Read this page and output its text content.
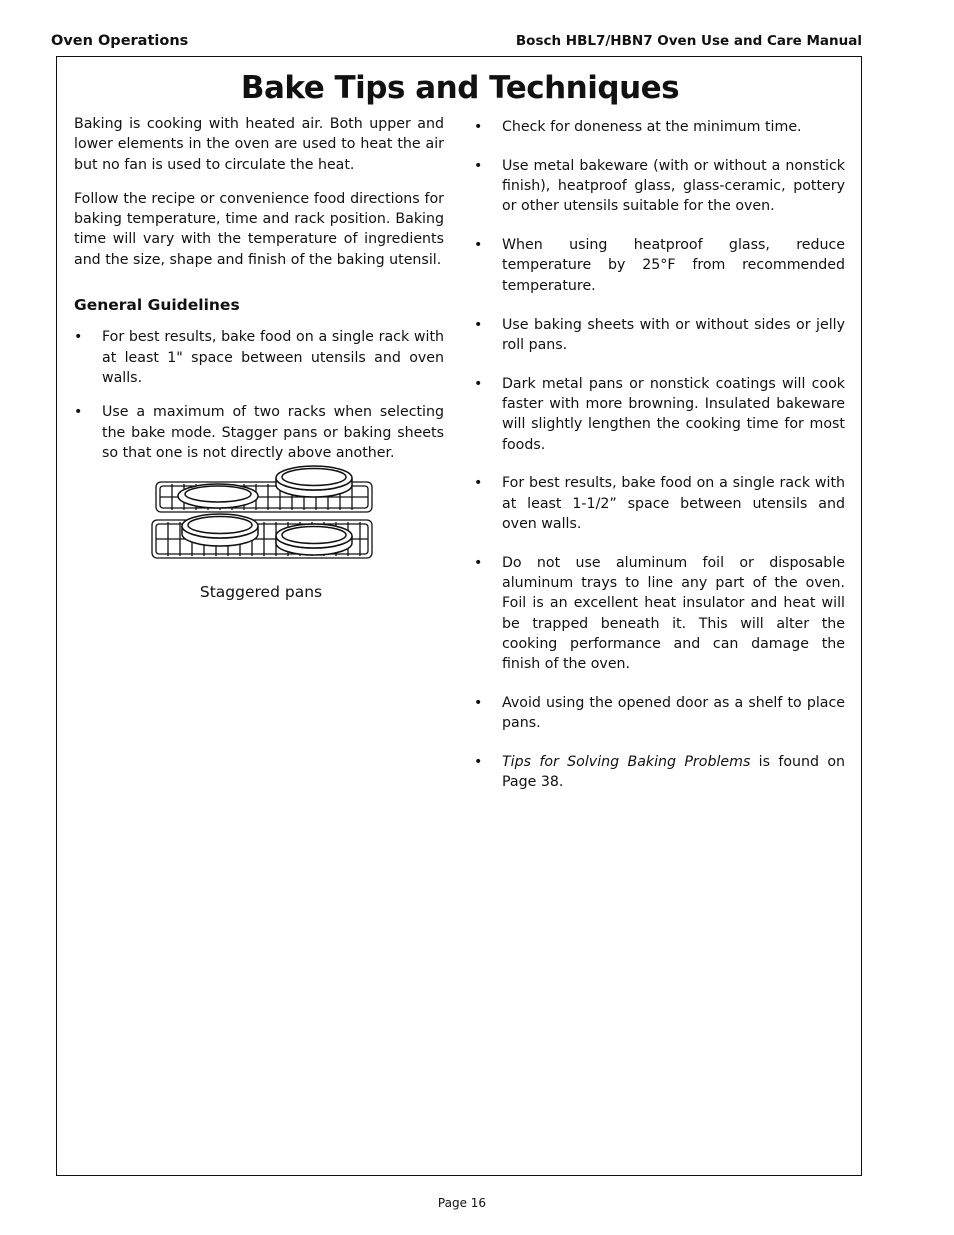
Oven Operations	Bosch HBL7/HBN7 Oven Use and Care Manual
Bake Tips and Techniques

Baking is cooking with heated air. Both upper and lower elements in the oven are used to heat the air but no fan is used to circulate the heat.

Follow the recipe or convenience food directions for baking temperature, time and rack position. Baking time will vary with the temperature of ingredients and the size, shape and finish of the baking utensil.

General Guidelines
• For best results, bake food on a single rack with at least 1" space between utensils and oven walls.
• Use a maximum of two racks when selecting the bake mode. Stagger pans or baking sheets so that one is not directly above another.
Staggered pans
• Check for doneness at the minimum time.
• Use metal bakeware (with or without a nonstick finish), heatproof glass, glass-ceramic, pottery or other utensils suitable for the oven.
• When using heatproof glass, reduce temperature by 25°F from recommended temperature.
• Use baking sheets with or without sides or jelly roll pans.
• Dark metal pans or nonstick coatings will cook faster with more browning. Insulated bakeware will slightly lengthen the cooking time for most foods.
• For best results, bake food on a single rack with at least 1-1/2” space between utensils and oven walls.
• Do not use aluminum foil or disposable aluminum trays to line any part of the oven. Foil is an excellent heat insulator and heat will be trapped beneath it. This will alter the cooking performance and can damage the finish of the oven.
• Avoid using the opened door as a shelf to place pans.
• Tips for Solving Baking Problems is found on Page 38.
Page 16
